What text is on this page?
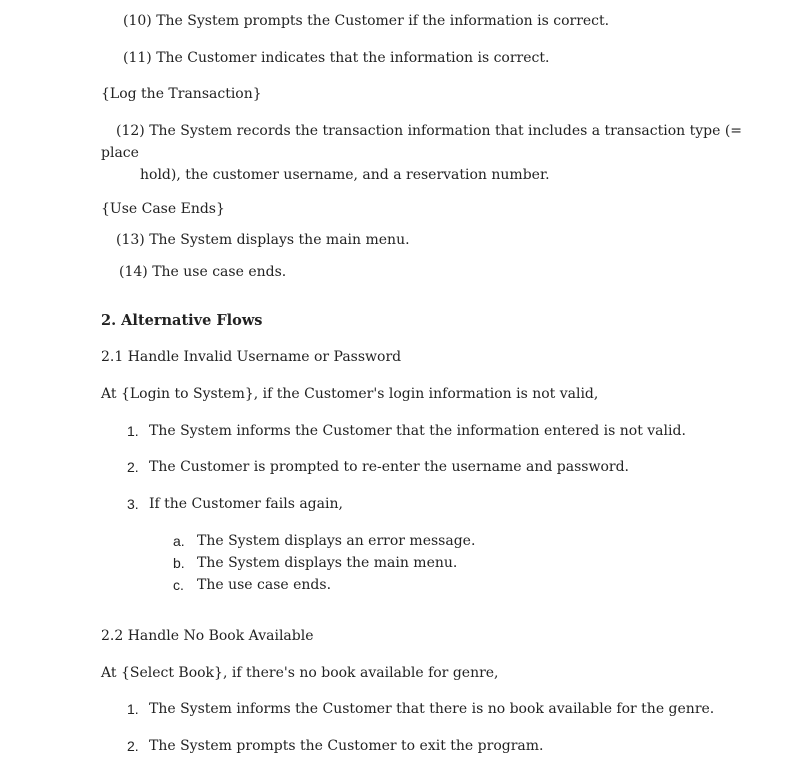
(10) The System prompts the Customer if the information is correct.
(11) The Customer indicates that the information is correct.
{Log the Transaction}
(12) The System records the transaction information that includes a transaction type (=
place
hold), the customer username, and a reservation number.
{Use Case Ends}
(13) The System displays the main menu.
(14) The use case ends.
2. Alternative Flows
2.1 Handle Invalid Username or Password
At {Login to System}, if the Customer's login information is not valid,
1. The System informs the Customer that the information entered is not valid.
2. The Customer is prompted to re-enter the username and password.
3. If the Customer fails again,
a. The System displays an error message.
b. The System displays the main menu.
c. The use case ends.
2.2 Handle No Book Available
At {Select Book}, if there's no book available for genre,
1. The System informs the Customer that there is no book available for the genre.
2. The System prompts the Customer to exit the program.
